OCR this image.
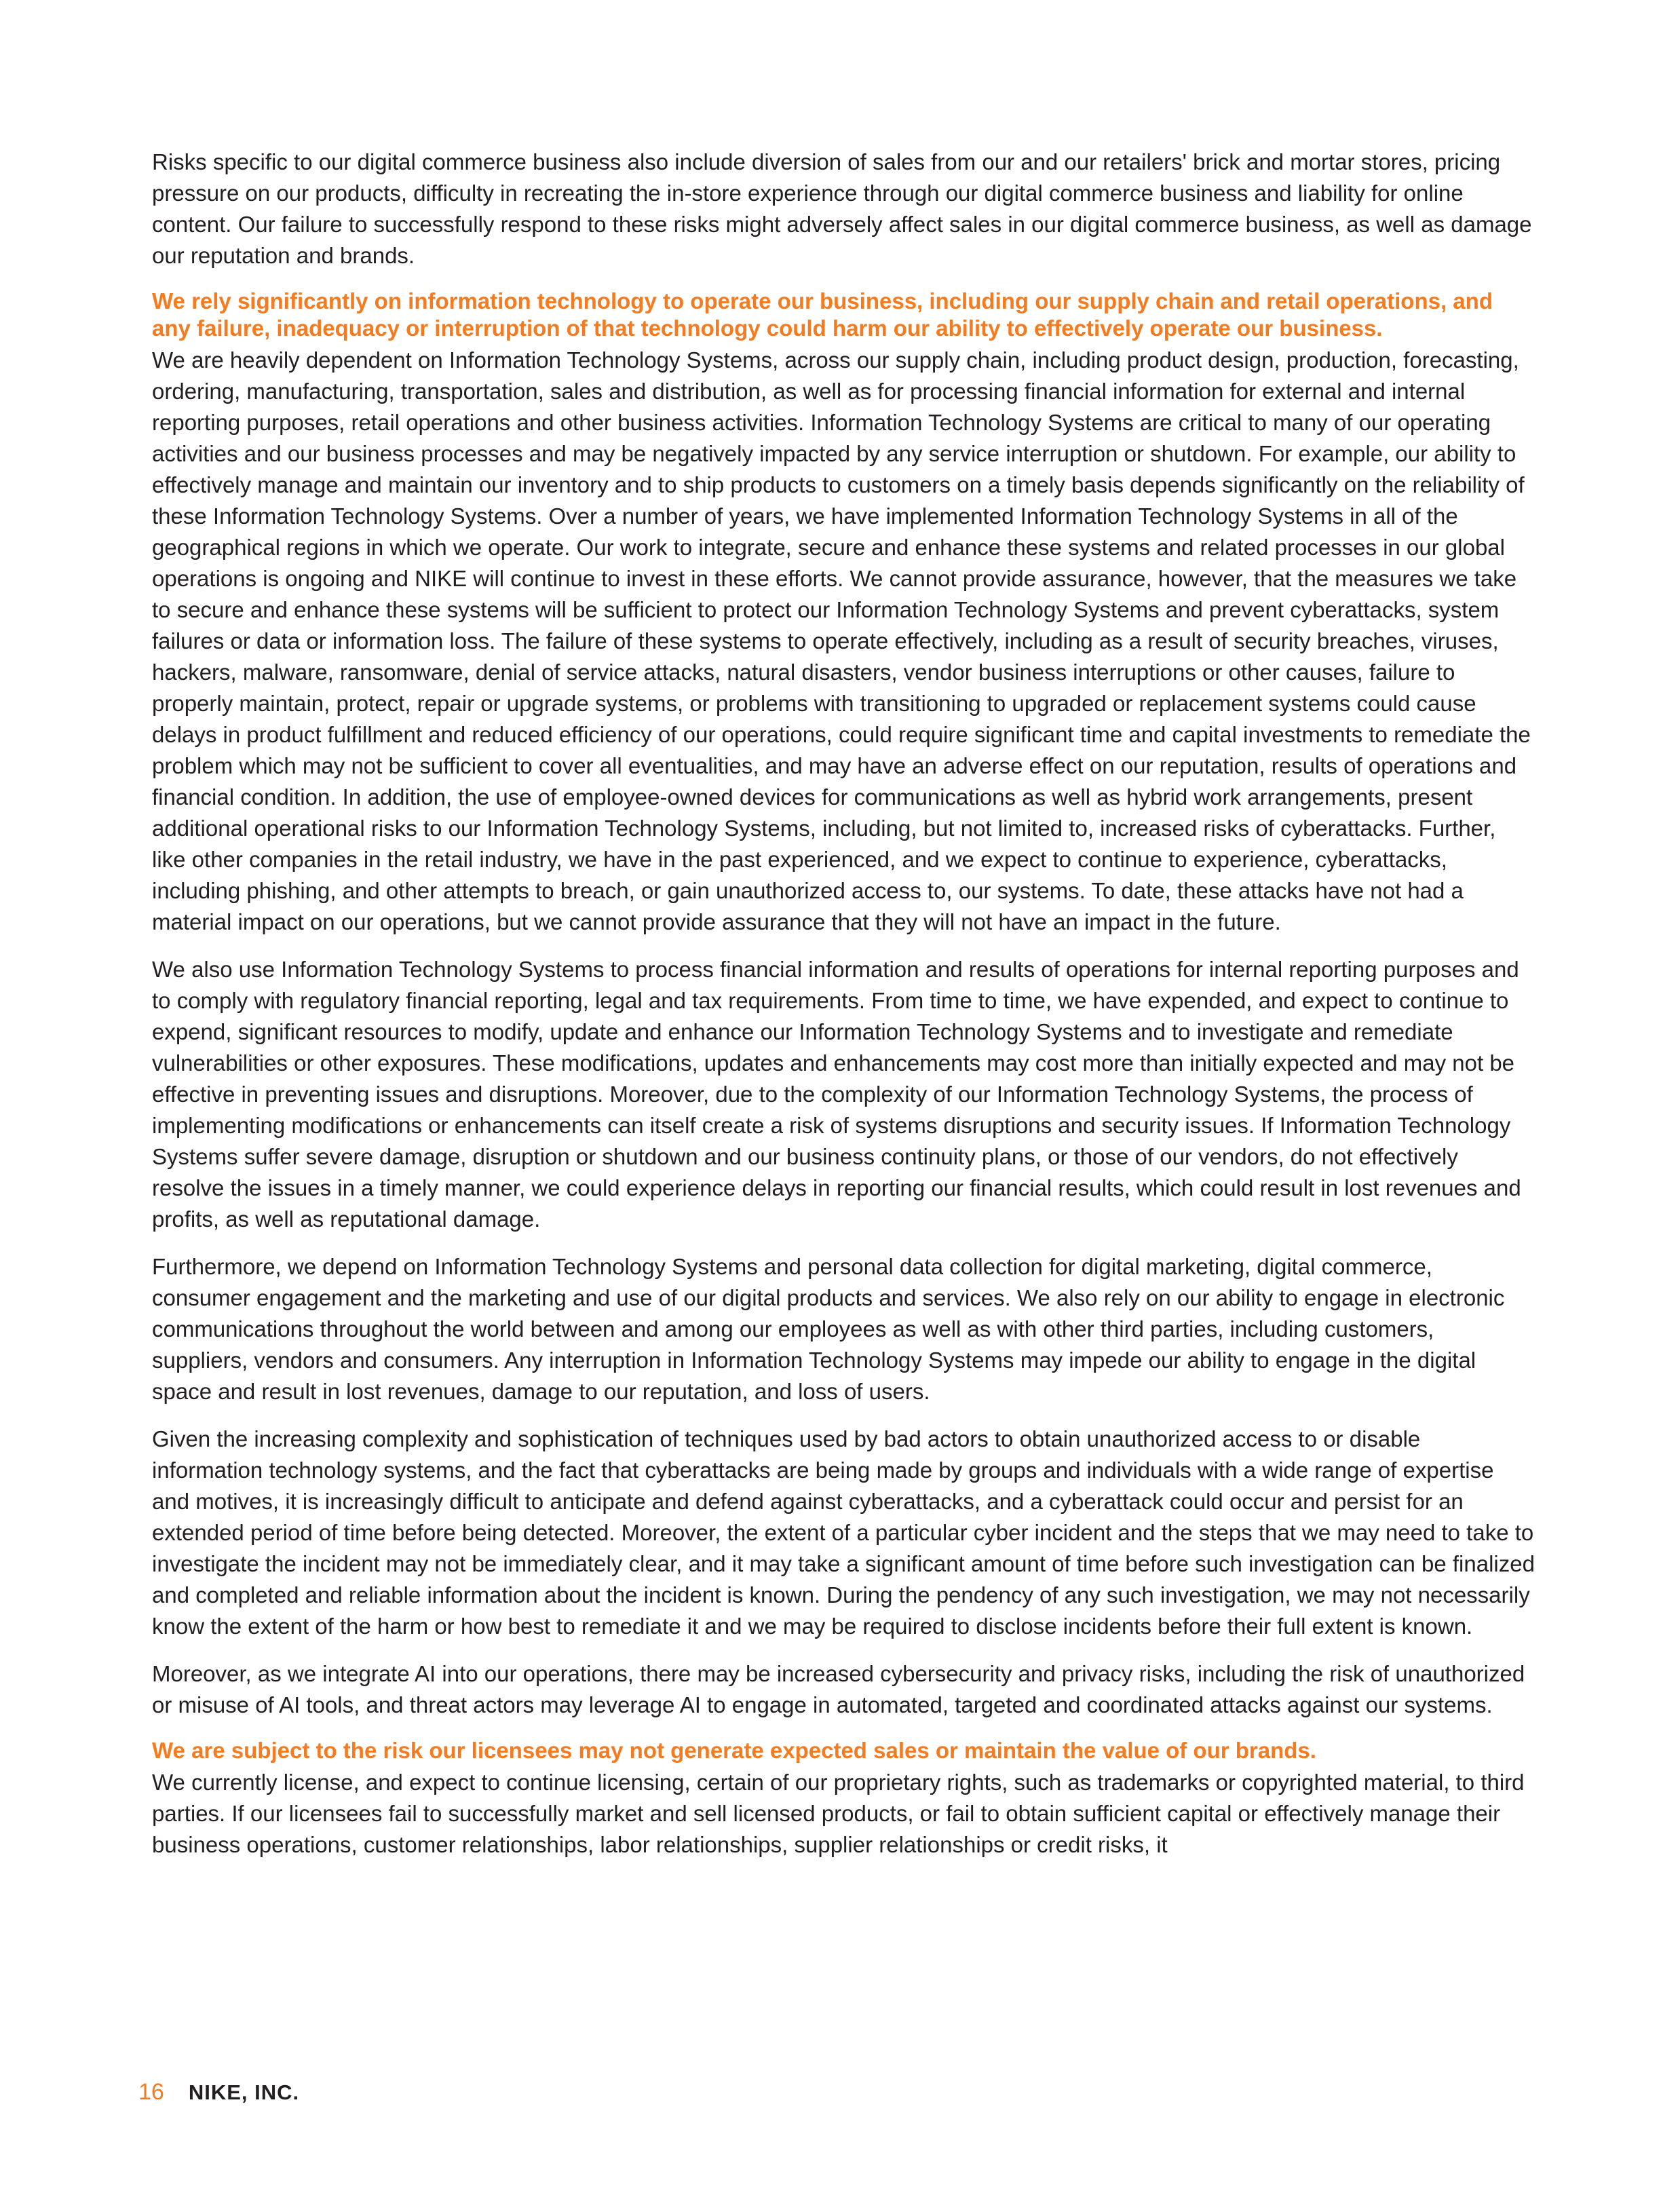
Risks specific to our digital commerce business also include diversion of sales from our and our retailers' brick and mortar stores, pricing pressure on our products, difficulty in recreating the in-store experience through our digital commerce business and liability for online content. Our failure to successfully respond to these risks might adversely affect sales in our digital commerce business, as well as damage our reputation and brands.

We rely significantly on information technology to operate our business, including our supply chain and retail operations, and any failure, inadequacy or interruption of that technology could harm our ability to effectively operate our business.

We are heavily dependent on Information Technology Systems, across our supply chain, including product design, production, forecasting, ordering, manufacturing, transportation, sales and distribution, as well as for processing financial information for external and internal reporting purposes, retail operations and other business activities. Information Technology Systems are critical to many of our operating activities and our business processes and may be negatively impacted by any service interruption or shutdown. For example, our ability to effectively manage and maintain our inventory and to ship products to customers on a timely basis depends significantly on the reliability of these Information Technology Systems. Over a number of years, we have implemented Information Technology Systems in all of the geographical regions in which we operate. Our work to integrate, secure and enhance these systems and related processes in our global operations is ongoing and NIKE will continue to invest in these efforts. We cannot provide assurance, however, that the measures we take to secure and enhance these systems will be sufficient to protect our Information Technology Systems and prevent cyberattacks, system failures or data or information loss. The failure of these systems to operate effectively, including as a result of security breaches, viruses, hackers, malware, ransomware, denial of service attacks, natural disasters, vendor business interruptions or other causes, failure to properly maintain, protect, repair or upgrade systems, or problems with transitioning to upgraded or replacement systems could cause delays in product fulfillment and reduced efficiency of our operations, could require significant time and capital investments to remediate the problem which may not be sufficient to cover all eventualities, and may have an adverse effect on our reputation, results of operations and financial condition. In addition, the use of employee-owned devices for communications as well as hybrid work arrangements, present additional operational risks to our Information Technology Systems, including, but not limited to, increased risks of cyberattacks. Further, like other companies in the retail industry, we have in the past experienced, and we expect to continue to experience, cyberattacks, including phishing, and other attempts to breach, or gain unauthorized access to, our systems. To date, these attacks have not had a material impact on our operations, but we cannot provide assurance that they will not have an impact in the future.

We also use Information Technology Systems to process financial information and results of operations for internal reporting purposes and to comply with regulatory financial reporting, legal and tax requirements. From time to time, we have expended, and expect to continue to expend, significant resources to modify, update and enhance our Information Technology Systems and to investigate and remediate vulnerabilities or other exposures. These modifications, updates and enhancements may cost more than initially expected and may not be effective in preventing issues and disruptions. Moreover, due to the complexity of our Information Technology Systems, the process of implementing modifications or enhancements can itself create a risk of systems disruptions and security issues. If Information Technology Systems suffer severe damage, disruption or shutdown and our business continuity plans, or those of our vendors, do not effectively resolve the issues in a timely manner, we could experience delays in reporting our financial results, which could result in lost revenues and profits, as well as reputational damage.

Furthermore, we depend on Information Technology Systems and personal data collection for digital marketing, digital commerce, consumer engagement and the marketing and use of our digital products and services. We also rely on our ability to engage in electronic communications throughout the world between and among our employees as well as with other third parties, including customers, suppliers, vendors and consumers. Any interruption in Information Technology Systems may impede our ability to engage in the digital space and result in lost revenues, damage to our reputation, and loss of users.

Given the increasing complexity and sophistication of techniques used by bad actors to obtain unauthorized access to or disable information technology systems, and the fact that cyberattacks are being made by groups and individuals with a wide range of expertise and motives, it is increasingly difficult to anticipate and defend against cyberattacks, and a cyberattack could occur and persist for an extended period of time before being detected. Moreover, the extent of a particular cyber incident and the steps that we may need to take to investigate the incident may not be immediately clear, and it may take a significant amount of time before such investigation can be finalized and completed and reliable information about the incident is known. During the pendency of any such investigation, we may not necessarily know the extent of the harm or how best to remediate it and we may be required to disclose incidents before their full extent is known.

Moreover, as we integrate AI into our operations, there may be increased cybersecurity and privacy risks, including the risk of unauthorized or misuse of AI tools, and threat actors may leverage AI to engage in automated, targeted and coordinated attacks against our systems.

We are subject to the risk our licensees may not generate expected sales or maintain the value of our brands.

We currently license, and expect to continue licensing, certain of our proprietary rights, such as trademarks or copyrighted material, to third parties. If our licensees fail to successfully market and sell licensed products, or fail to obtain sufficient capital or effectively manage their business operations, customer relationships, labor relationships, supplier relationships or credit risks, it

16 NIKE, INC.
